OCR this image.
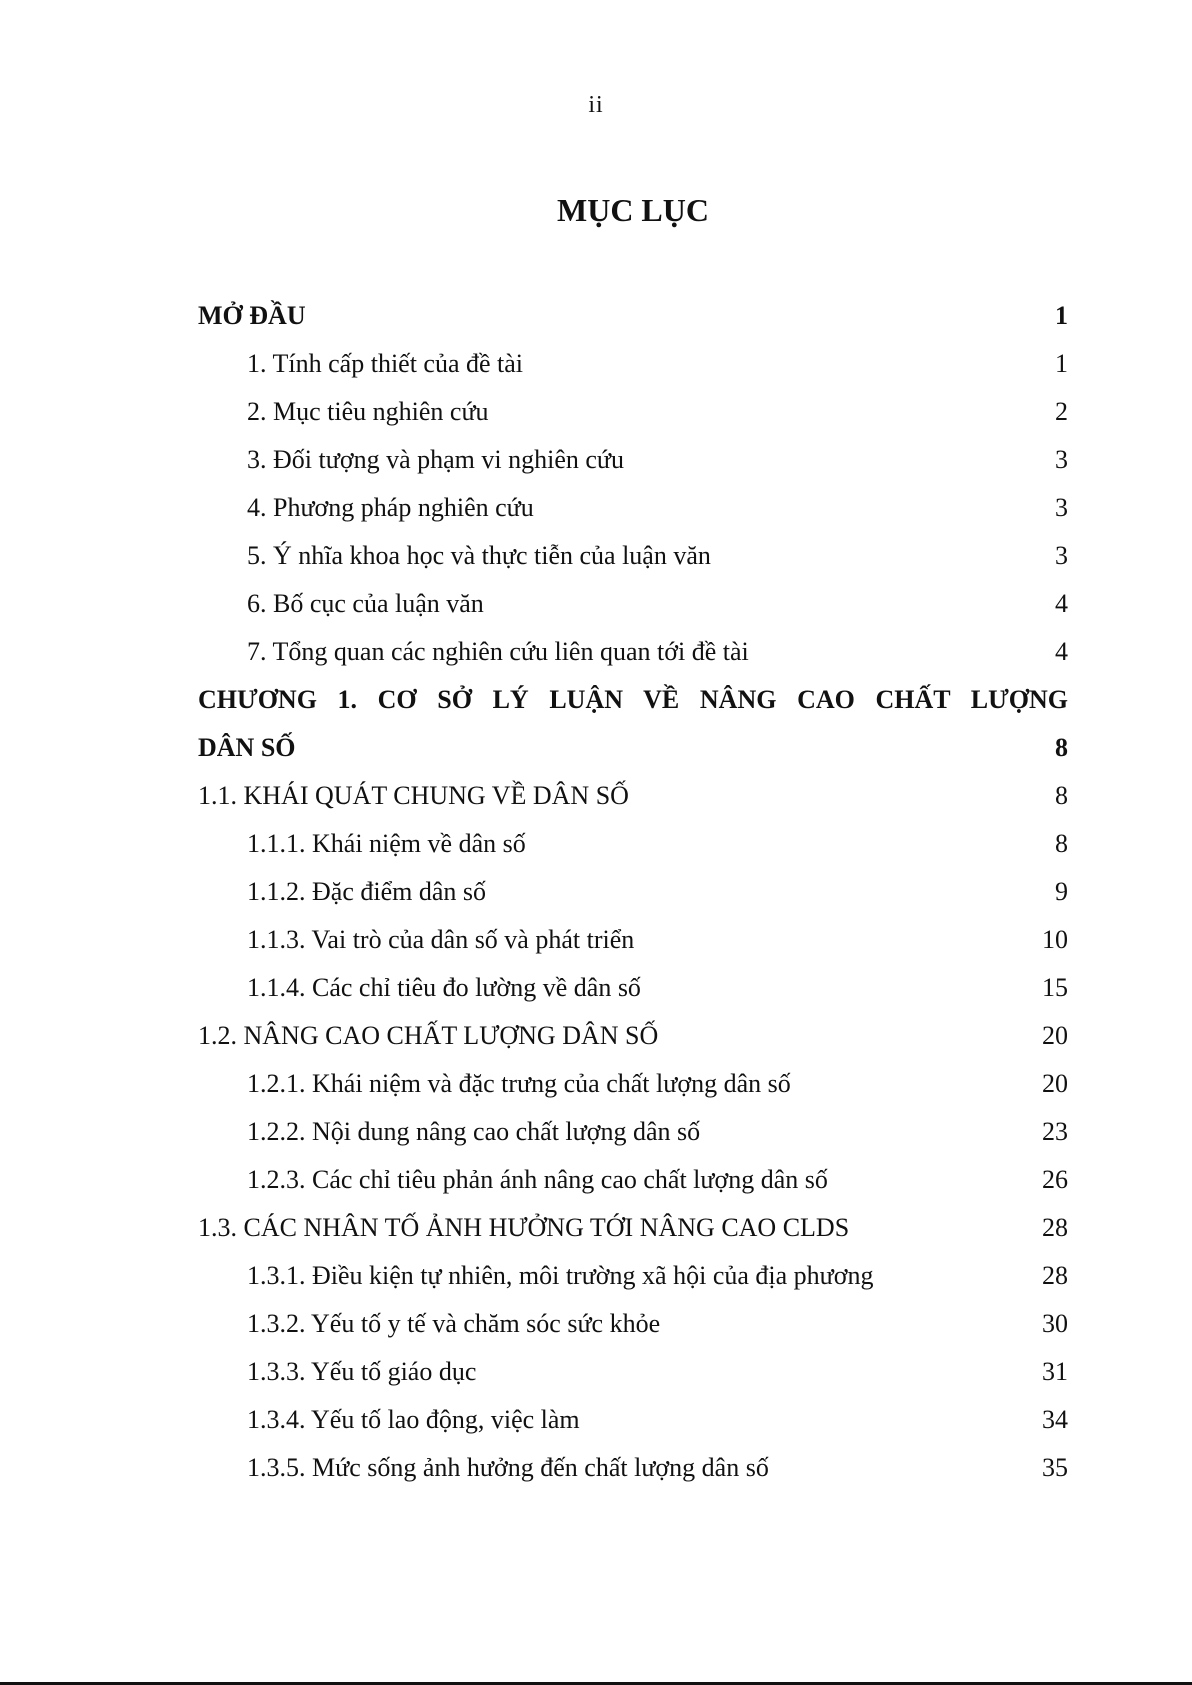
ii
MỤC LỤC
MỞ ĐẦU	1
1. Tính cấp thiết của đề tài	1
2. Mục tiêu nghiên cứu	2
3. Đối tượng và phạm vi nghiên cứu	3
4. Phương pháp nghiên cứu	3
5. Ý nhĩa khoa học và thực tiễn của luận văn	3
6. Bố cục của luận văn	4
7. Tổng quan các nghiên cứu liên quan tới đề tài	4
CHƯƠNG 1. CƠ SỞ LÝ LUẬN VỀ NÂNG CAO CHẤT LƯỢNG
DÂN SỐ	8
1.1. KHÁI QUÁT CHUNG VỀ DÂN SỐ	8
1.1.1. Khái niệm về dân số	8
1.1.2. Đặc điểm dân số	9
1.1.3. Vai trò của dân số và phát triển	10
1.1.4. Các chỉ tiêu đo lường về dân số	15
1.2. NÂNG CAO CHẤT LƯỢNG DÂN SỐ	20
1.2.1. Khái niệm và đặc trưng của chất lượng dân số	20
1.2.2. Nội dung nâng cao chất lượng dân số	23
1.2.3. Các chỉ tiêu phản ánh nâng cao chất lượng dân số	26
1.3. CÁC NHÂN TỐ ẢNH HƯỞNG TỚI NÂNG CAO CLDS	28
1.3.1. Điều kiện tự nhiên, môi trường xã hội của địa phương	28
1.3.2. Yếu tố y tế và chăm sóc sức khỏe	30
1.3.3. Yếu tố giáo dục	31
1.3.4. Yếu tố lao động, việc làm	34
1.3.5. Mức sống ảnh hưởng đến chất lượng dân số	35
